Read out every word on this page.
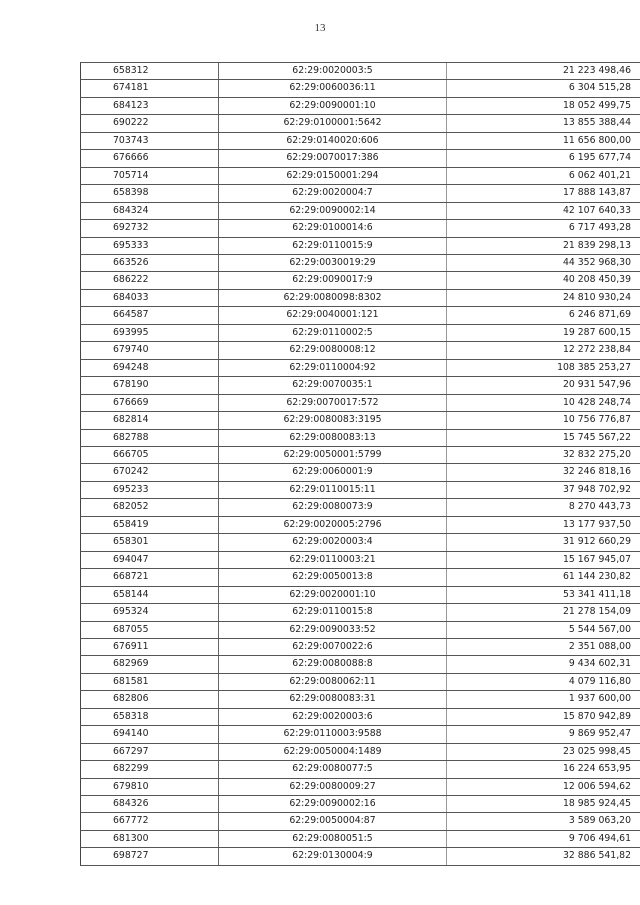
13
658312	62:29:0020003:5	21 223 498,46
674181	62:29:0060036:11	6 304 515,28
684123	62:29:0090001:10	18 052 499,75
690222	62:29:0100001:5642	13 855 388,44
703743	62:29:0140020:606	11 656 800,00
676666	62:29:0070017:386	6 195 677,74
705714	62:29:0150001:294	6 062 401,21
658398	62:29:0020004:7	17 888 143,87
684324	62:29:0090002:14	42 107 640,33
692732	62:29:0100014:6	6 717 493,28
695333	62:29:0110015:9	21 839 298,13
663526	62:29:0030019:29	44 352 968,30
686222	62:29:0090017:9	40 208 450,39
684033	62:29:0080098:8302	24 810 930,24
664587	62:29:0040001:121	6 246 871,69
693995	62:29:0110002:5	19 287 600,15
679740	62:29:0080008:12	12 272 238,84
694248	62:29:0110004:92	108 385 253,27
678190	62:29:0070035:1	20 931 547,96
676669	62:29:0070017:572	10 428 248,74
682814	62:29:0080083:3195	10 756 776,87
682788	62:29:0080083:13	15 745 567,22
666705	62:29:0050001:5799	32 832 275,20
670242	62:29:0060001:9	32 246 818,16
695233	62:29:0110015:11	37 948 702,92
682052	62:29:0080073:9	8 270 443,73
658419	62:29:0020005:2796	13 177 937,50
658301	62:29:0020003:4	31 912 660,29
694047	62:29:0110003:21	15 167 945,07
668721	62:29:0050013:8	61 144 230,82
658144	62:29:0020001:10	53 341 411,18
695324	62:29:0110015:8	21 278 154,09
687055	62:29:0090033:52	5 544 567,00
676911	62:29:0070022:6	2 351 088,00
682969	62:29:0080088:8	9 434 602,31
681581	62:29:0080062:11	4 079 116,80
682806	62:29:0080083:31	1 937 600,00
658318	62:29:0020003:6	15 870 942,89
694140	62:29:0110003:9588	9 869 952,47
667297	62:29:0050004:1489	23 025 998,45
682299	62:29:0080077:5	16 224 653,95
679810	62:29:0080009:27	12 006 594,62
684326	62:29:0090002:16	18 985 924,45
667772	62:29:0050004:87	3 589 063,20
681300	62:29:0080051:5	9 706 494,61
698727	62:29:0130004:9	32 886 541,82
